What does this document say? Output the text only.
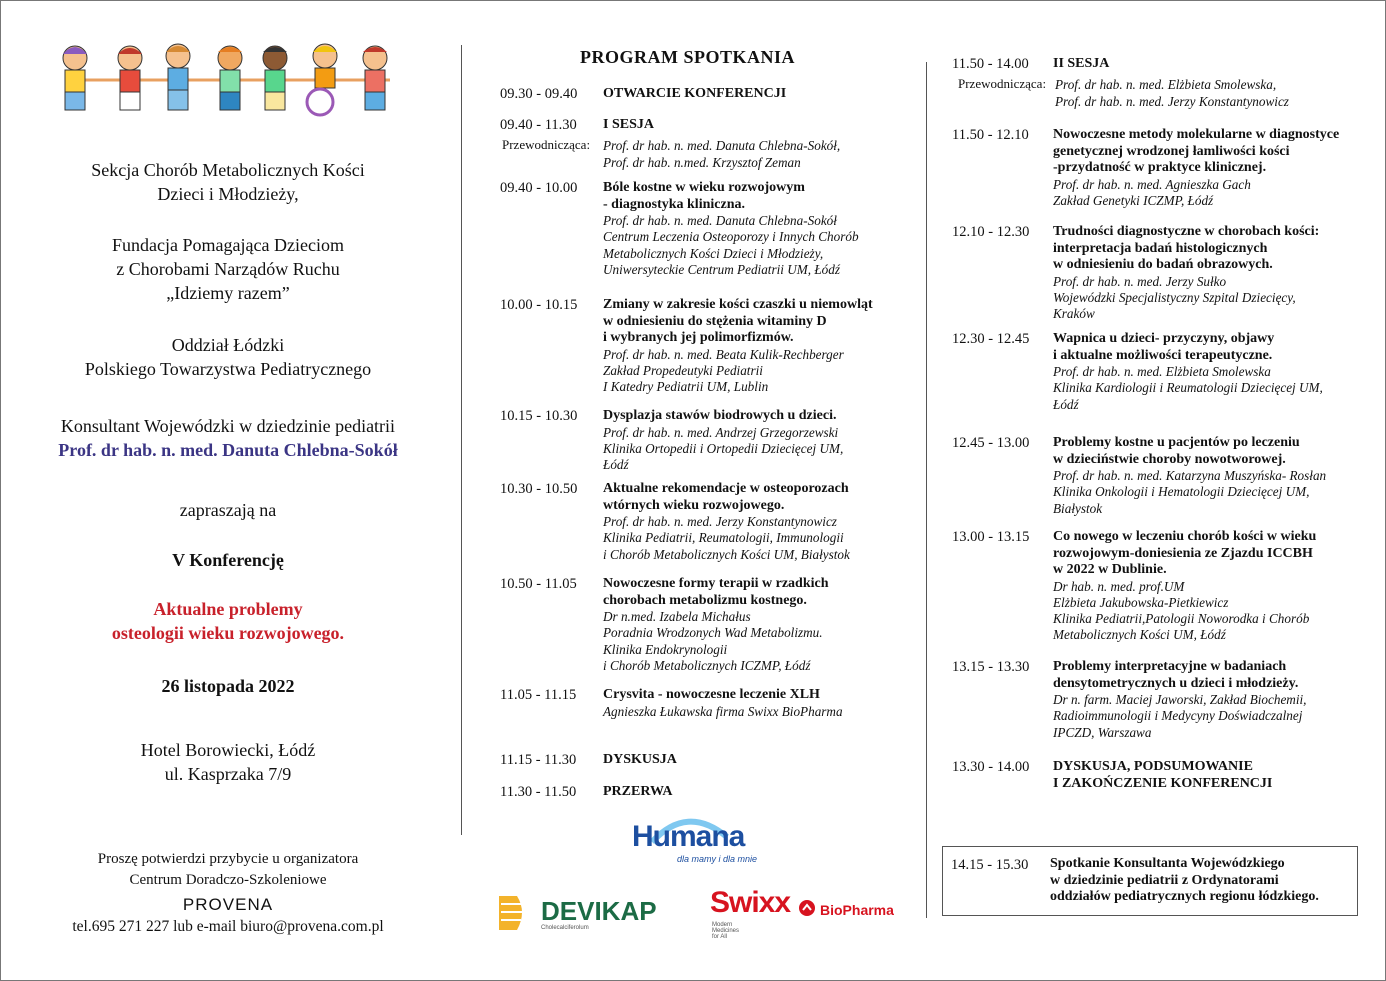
Sekcja Chorób Metabolicznych Kości
Dzieci i Młodzieży,
Fundacja Pomagająca Dzieciom
z Chorobami Narządów Ruchu
„Idziemy razem”
Oddział Łódzki
Polskiego Towarzystwa Pediatrycznego
Konsultant Wojewódzki w dziedzinie pediatrii
Prof. dr hab. n. med. Danuta Chlebna-Sokół
zapraszają na
V Konferencję
Aktualne problemy
osteologii wieku rozwojowego.
26 listopada 2022
Hotel Borowiecki, Łódź
ul. Kasprzaka 7/9
Proszę potwierdzi przybycie u organizatora
Centrum Doradczo-Szkoleniowe
PROVENA
tel.695 271 227 lub e-mail biuro@provena.com.pl
PROGRAM SPOTKANIA
09.30 - 09.40 OTWARCIE KONFERENCJI
09.40 - 11.30 I SESJA
09.40 - 10.00 Bóle kostne w wieku rozwojowym
- diagnostyka kliniczna.
Prof. dr hab. n. med. Danuta Chlebna-Sokół
Centrum Leczenia Osteoporozy i Innych Chorób
Metabolicznych Kości Dzieci i Młodzieży,
Uniwersyteckie Centrum Pediatrii UM, Łódź
10.00 - 10.15 Zmiany w zakresie kości czaszki u niemowląt
w odniesieniu do stężenia witaminy D
i wybranych jej polimorfizmów.
Prof. dr hab. n. med. Beata Kulik-Rechberger
Zakład Propedeutyki Pediatrii
I Katedry Pediatrii UM, Lublin
10.15 - 10.30 Dysplazja stawów biodrowych u dzieci.
Prof. dr hab. n. med. Andrzej Grzegorzewski
Klinika Ortopedii i Ortopedii Dziecięcej UM,
Łódź
10.30 - 10.50 Aktualne rekomendacje w osteoporozach
wtórnych wieku rozwojowego.
Prof. dr hab. n. med. Jerzy Konstantynowicz
Klinika Pediatrii, Reumatologii, Immunologii
i Chorób Metabolicznych Kości UM, Białystok
10.50 - 11.05 Nowoczesne formy terapii w rzadkich
chorobach metabolizmu kostnego.
Dr n.med. Izabela Michałus
Poradnia Wrodzonych Wad Metabolizmu.
Klinika Endokrynologii
i Chorób Metabolicznych ICZMP, Łódź
11.05 - 11.15 Crysvita - nowoczesne leczenie XLH
Agnieszka Łukawska firma Swixx BioPharma
11.15 - 11.30 DYSKUSJA
11.30 - 11.50 PRZERWA
11.50 - 14.00 II SESJA
11.50 - 12.10 Nowoczesne metody molekularne w diagnostyce
genetycznej wrodzonej łamliwości kości
-przydatność w praktyce klinicznej.
Prof. dr hab. n. med. Agnieszka Gach
Zakład Genetyki ICZMP, Łódź
12.10 - 12.30 Trudności diagnostyczne w chorobach kości:
interpretacja badań histologicznych
w odniesieniu do badań obrazowych.
Prof. dr hab. n. med. Jerzy Sułko
Wojewódzki Specjalistyczny Szpital Dziecięcy,
Kraków
12.30 - 12.45 Wapnica u dzieci- przyczyny, objawy
i aktualne możliwości terapeutyczne.
Prof. dr hab. n. med. Elżbieta Smolewska
Klinika Kardiologii i Reumatologii Dziecięcej UM,
Łódź
12.45 - 13.00 Problemy kostne u pacjentów po leczeniu
w dzieciństwie choroby nowotworowej.
Prof. dr hab. n. med. Katarzyna Muszyńska- Rosłan
Klinika Onkologii i Hematologii Dziecięcej UM,
Białystok
13.00 - 13.15 Co nowego w leczeniu chorób kości w wieku
rozwojowym-doniesienia ze Zjazdu ICCBH
w 2022 w Dublinie.
Dr hab. n. med. prof.UM
Elżbieta Jakubowska-Pietkiewicz
Klinika Pediatrii,Patologii Noworodka i Chorób
Metabolicznych Kości UM, Łódź
13.15 - 13.30 Problemy interpretacyjne w badaniach
densytometrycznych u dzieci i młodzieży.
Dr n. farm. Maciej Jaworski, Zakład Biochemii,
Radioimmunologii i Medycyny Doświadczalnej
IPCZD, Warszawa
13.30 - 14.00 DYSKUSJA, PODSUMOWANIE
I ZAKOŃCZENIE KONFERENCJI
Przewodnicząca: Prof. dr hab. n. med. Danuta Chlebna-Sokół,
Prof. dr hab. n.med. Krzysztof Zeman
Przewodnicząca: Prof. dr hab. n. med. Elżbieta Smolewska,
Prof. dr hab. n. med. Jerzy Konstantynowicz
14.15 - 15.30 Spotkanie Konsultanta Wojewódzkiego
w dziedzinie pediatrii z Ordynatorami
oddziałów pediatrycznych regionu łódzkiego.
Humana
dla mamy i dla mnie
DEVIKAP
Cholecalciferolum
Swixx BioPharma
Modern Medicines for All
